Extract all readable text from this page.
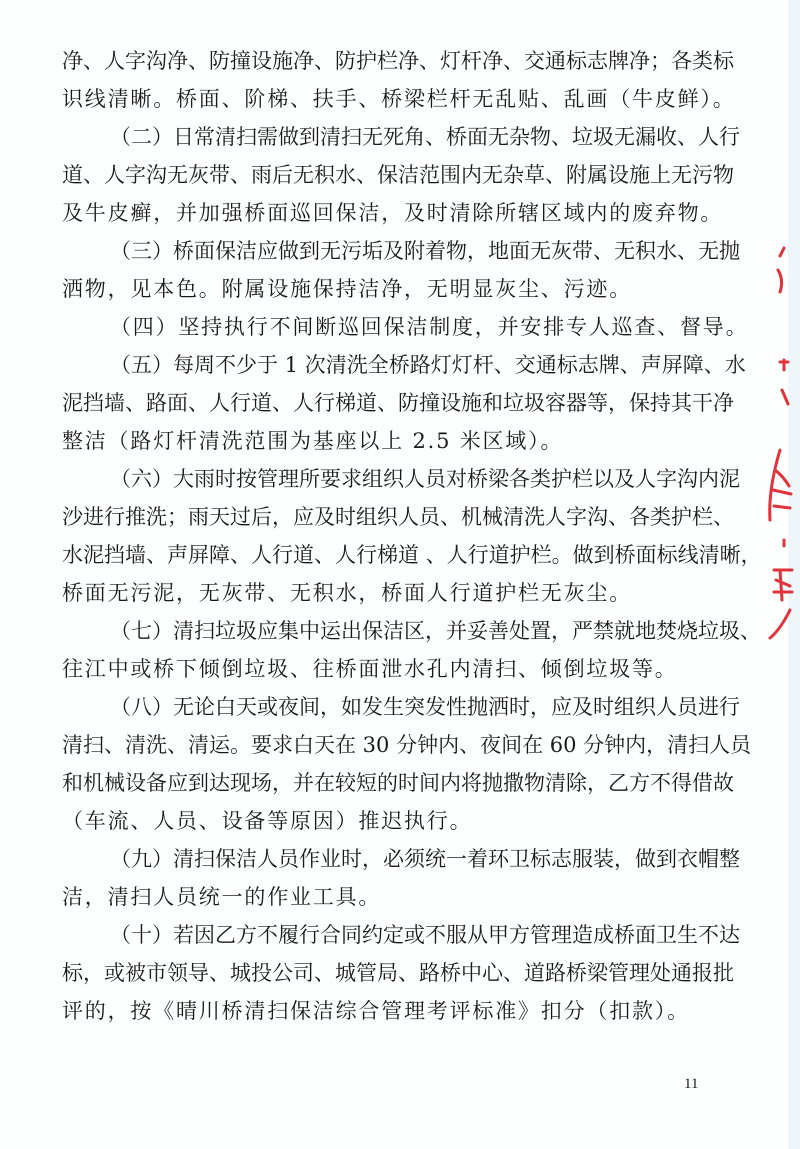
净、人字沟净、防撞设施净、防护栏净、灯杆净、交通标志牌净；各类标
识线清晰。桥面、阶梯、扶手、桥梁栏杆无乱贴、乱画（牛皮鲜）。
（二）日常清扫需做到清扫无死角、桥面无杂物、垃圾无漏收、人行
道、人字沟无灰带、雨后无积水、保洁范围内无杂草、附属设施上无污物
及牛皮癣，并加强桥面巡回保洁，及时清除所辖区域内的废弃物。
（三）桥面保洁应做到无污垢及附着物，地面无灰带、无积水、无抛
洒物，见本色。附属设施保持洁净，无明显灰尘、污迹。
（四）坚持执行不间断巡回保洁制度，并安排专人巡查、督导。
（五）每周不少于 1 次清洗全桥路灯灯杆、交通标志牌、声屏障、水
泥挡墙、路面、人行道、人行梯道、防撞设施和垃圾容器等，保持其干净
整洁（路灯杆清洗范围为基座以上 2.5 米区域）。
（六）大雨时按管理所要求组织人员对桥梁各类护栏以及人字沟内泥
沙进行推洗；雨天过后，应及时组织人员、机械清洗人字沟、各类护栏、
水泥挡墙、声屏障、人行道、人行梯道 、人行道护栏。做到桥面标线清晰，
桥面无污泥，无灰带、无积水，桥面人行道护栏无灰尘。
（七）清扫垃圾应集中运出保洁区，并妥善处置，严禁就地焚烧垃圾、
往江中或桥下倾倒垃圾、往桥面泄水孔内清扫、倾倒垃圾等。
（八）无论白天或夜间，如发生突发性抛洒时，应及时组织人员进行
清扫、清洗、清运。要求白天在 30 分钟内、夜间在 60 分钟内，清扫人员
和机械设备应到达现场，并在较短的时间内将抛撒物清除，乙方不得借故
（车流、人员、设备等原因）推迟执行。
（九）清扫保洁人员作业时，必须统一着环卫标志服装，做到衣帽整
洁，清扫人员统一的作业工具。
（十）若因乙方不履行合同约定或不服从甲方管理造成桥面卫生不达
标，或被市领导、城投公司、城管局、路桥中心、道路桥梁管理处通报批
评的，按《晴川桥清扫保洁综合管理考评标准》扣分（扣款）。
11
